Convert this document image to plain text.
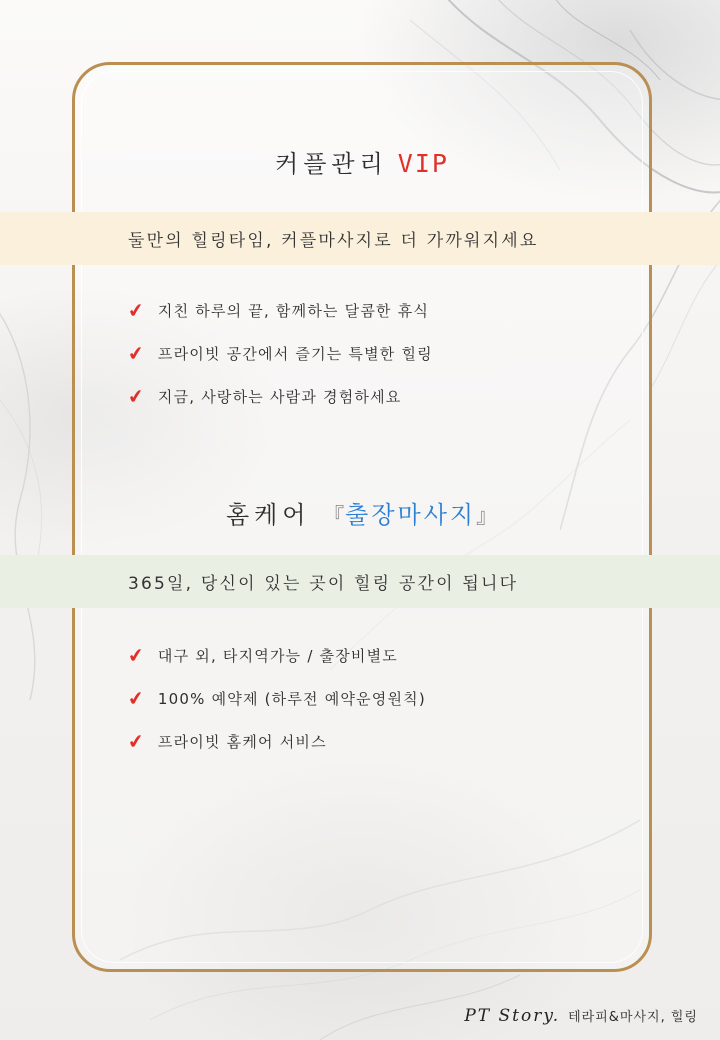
커플관리 VIP
둘만의 힐링타임, 커플마사지로 더 가까워지세요
✔ 지친 하루의 끝, 함께하는 달콤한 휴식
✔ 프라이빗 공간에서 즐기는 특별한 힐링
✔ 지금, 사랑하는 사람과 경험하세요
홈케어 『출장마사지』
365일, 당신이 있는 곳이 힐링 공간이 됩니다
✔ 대구 외, 타지역가능 / 출장비별도
✔ 100% 예약제 (하루전 예약운영원칙)
✔ 프라이빗 홈케어 서비스
PT Story. 테라피&마사지, 힐링
